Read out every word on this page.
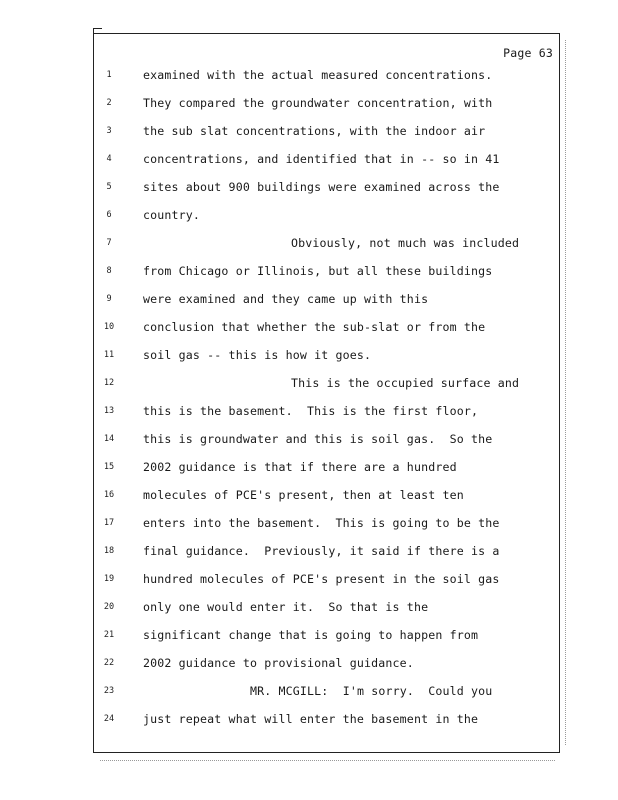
Page 63
1	examined with the actual measured concentrations.
2	They compared the groundwater concentration, with
3	the sub slat concentrations, with the indoor air
4	concentrations, and identified that in -- so in 41
5	sites about 900 buildings were examined across the
6	country.
7	Obviously, not much was included
8	from Chicago or Illinois, but all these buildings
9	were examined and they came up with this
10	conclusion that whether the sub-slat or from the
11	soil gas -- this is how it goes.
12	This is the occupied surface and
13	this is the basement.  This is the first floor,
14	this is groundwater and this is soil gas.  So the
15	2002 guidance is that if there are a hundred
16	molecules of PCE's present, then at least ten
17	enters into the basement.  This is going to be the
18	final guidance.  Previously, it said if there is a
19	hundred molecules of PCE's present in the soil gas
20	only one would enter it.  So that is the
21	significant change that is going to happen from
22	2002 guidance to provisional guidance.
23	MR. MCGILL:  I'm sorry.  Could you
24	just repeat what will enter the basement in the
